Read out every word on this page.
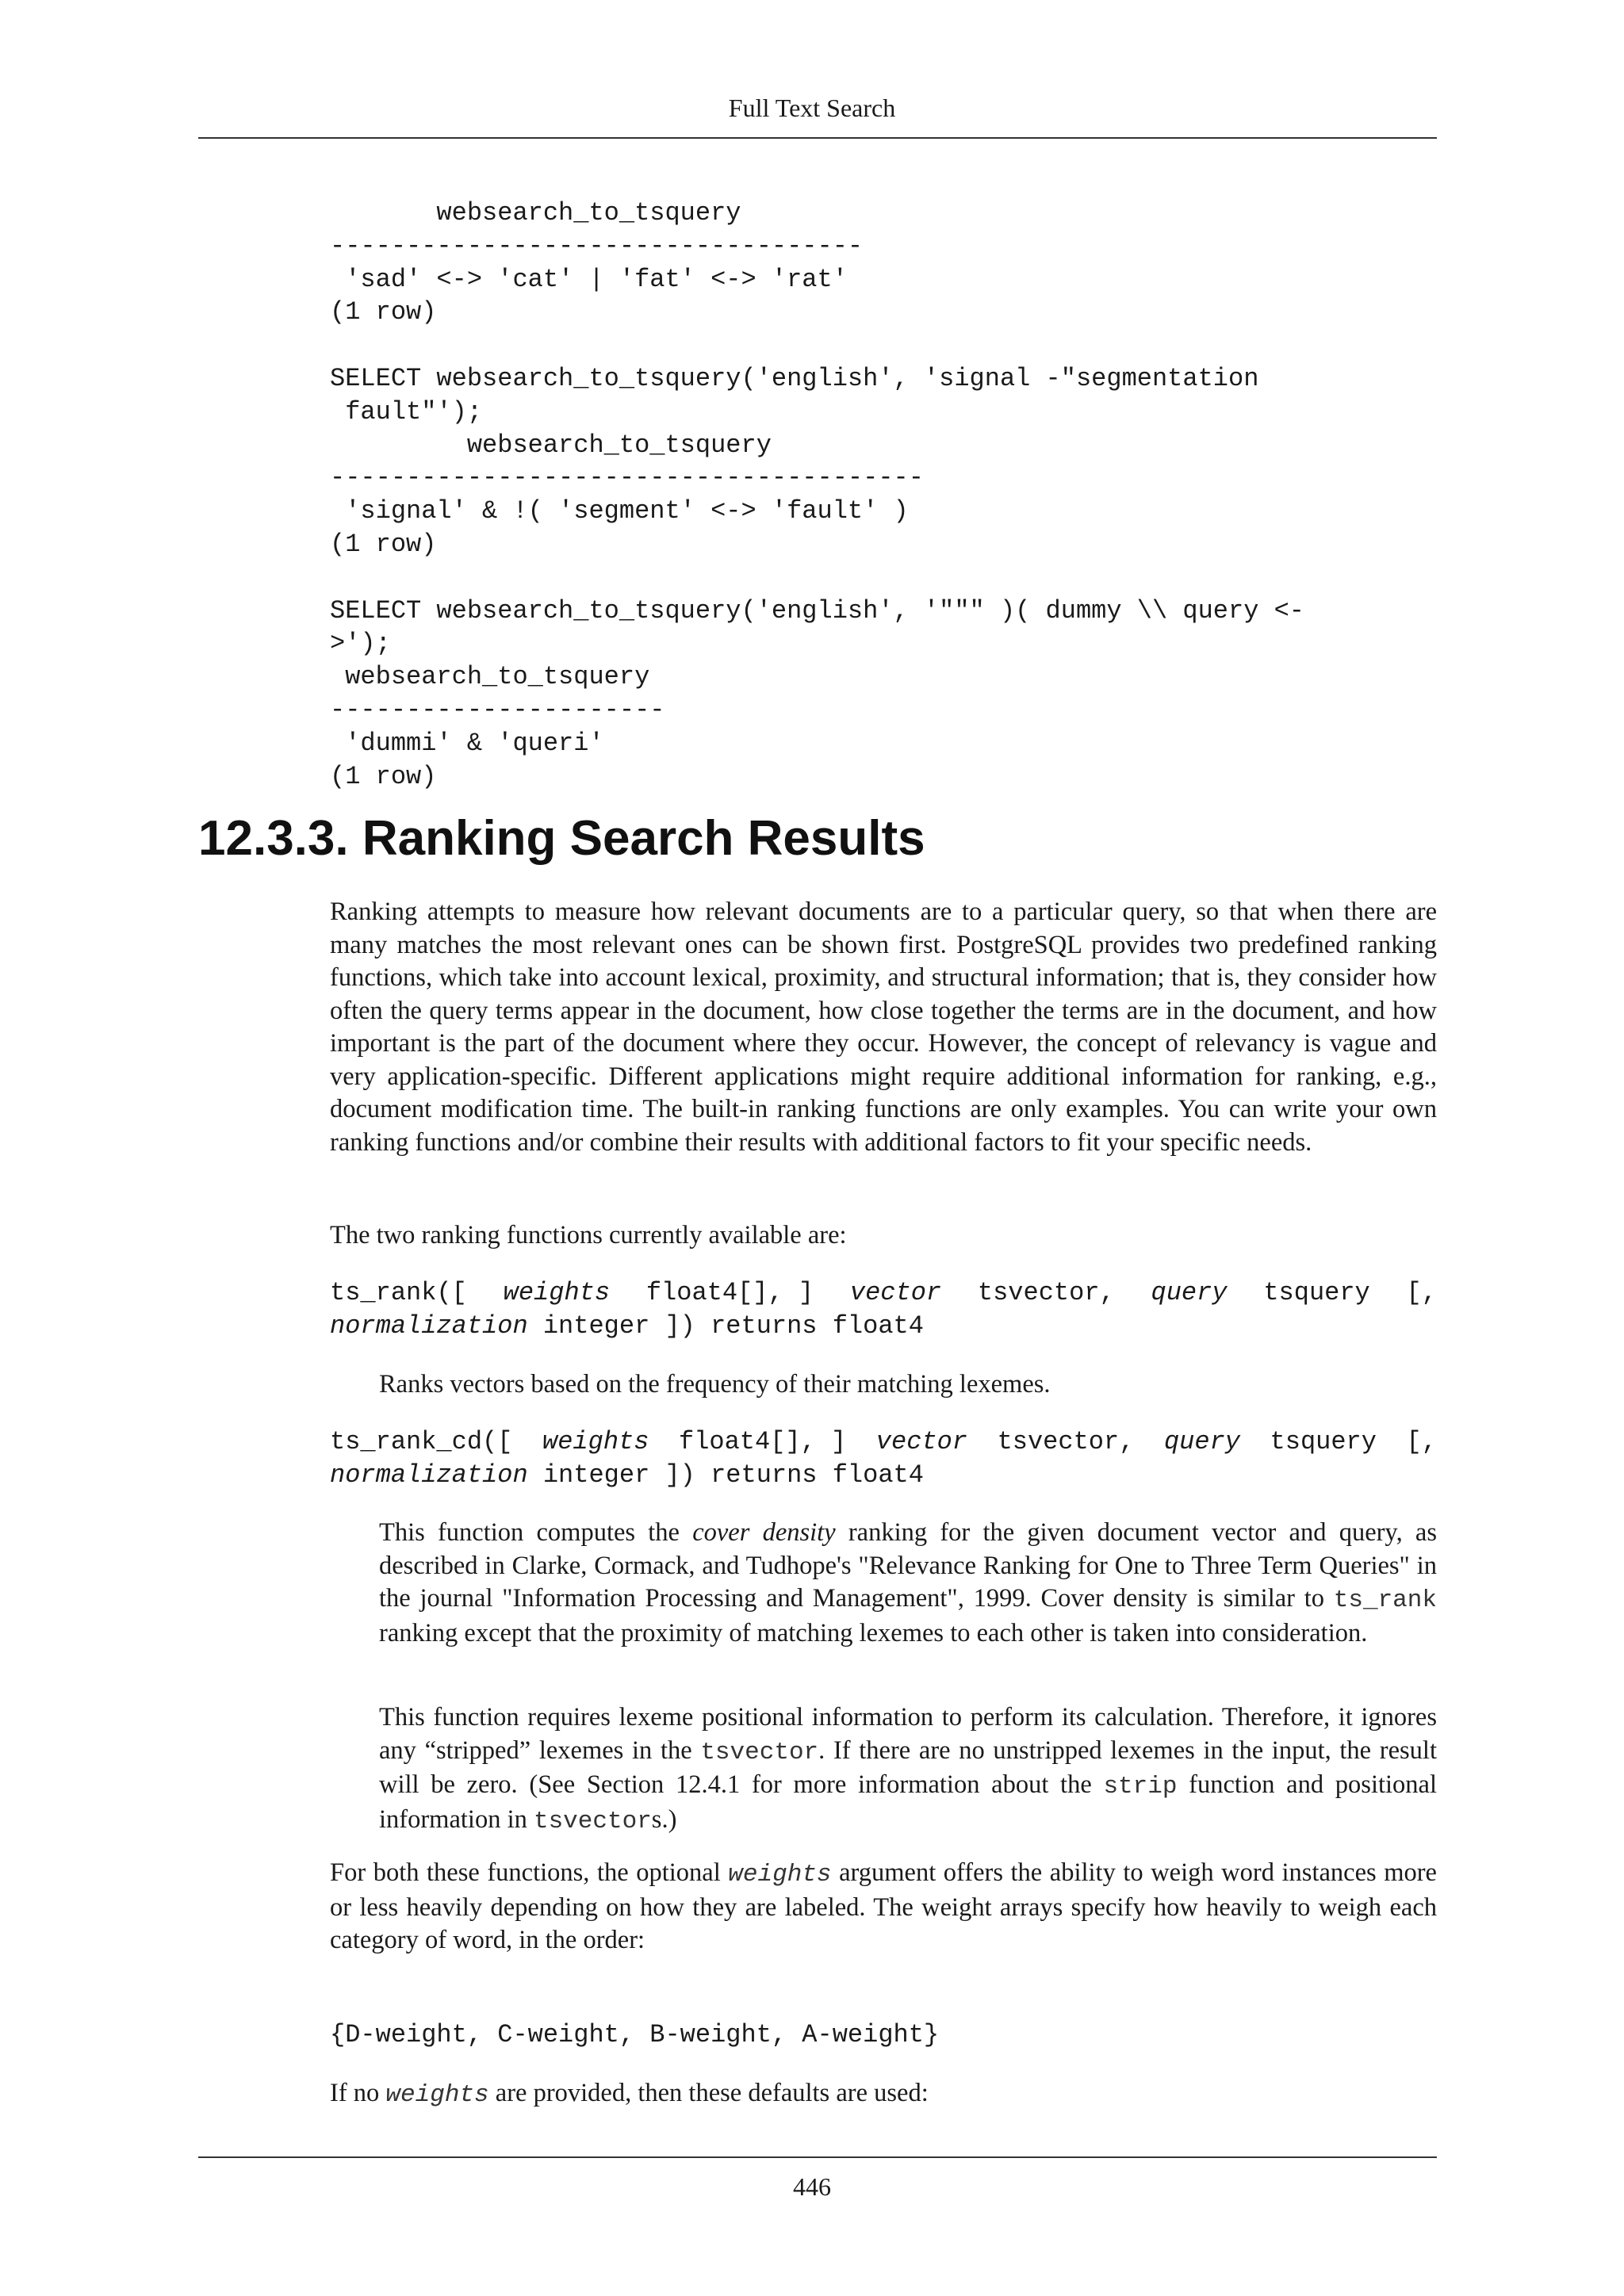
Full Text Search
websearch_to_tsquery
-----------------------------------
'sad' <-> 'cat' | 'fat' <-> 'rat'
(1 row)

SELECT websearch_to_tsquery('english', 'signal -"segmentation
fault"');
websearch_to_tsquery
---------------------------------------
'signal' & !( 'segment' <-> 'fault' )
(1 row)

SELECT websearch_to_tsquery('english', '""" )( dummy \\ query <-
>');
websearch_to_tsquery
----------------------
'dummi' & 'queri'
(1 row)
12.3.3. Ranking Search Results

Ranking attempts to measure how relevant documents are to a particular query, so that when there are many matches the most relevant ones can be shown first. PostgreSQL provides two predefined ranking functions, which take into account lexical, proximity, and structural information; that is, they consider how often the query terms appear in the document, how close together the terms are in the document, and how important is the part of the document where they occur. However, the concept of relevancy is vague and very application-specific. Different applications might require additional information for ranking, e.g., document modification time. The built-in ranking functions are only examples. You can write your own ranking functions and/or combine their results with additional factors to fit your specific needs.

The two ranking functions currently available are:

ts_rank([ weights float4[], ] vector tsvector, query tsquery [,
normalization integer ]) returns float4

Ranks vectors based on the frequency of their matching lexemes.

ts_rank_cd([ weights float4[], ] vector tsvector, query tsquery [,
normalization integer ]) returns float4

This function computes the cover density ranking for the given document vector and query, as described in Clarke, Cormack, and Tudhope's "Relevance Ranking for One to Three Term Queries" in the journal "Information Processing and Management", 1999. Cover density is similar to ts_rank ranking except that the proximity of matching lexemes to each other is taken into consideration.

This function requires lexeme positional information to perform its calculation. Therefore, it ignores any “stripped” lexemes in the tsvector. If there are no unstripped lexemes in the input, the result will be zero. (See Section 12.4.1 for more information about the strip function and positional information in tsvectors.)

For both these functions, the optional weights argument offers the ability to weigh word instances more or less heavily depending on how they are labeled. The weight arrays specify how heavily to weigh each category of word, in the order:

{D-weight, C-weight, B-weight, A-weight}

If no weights are provided, then these defaults are used:

446
